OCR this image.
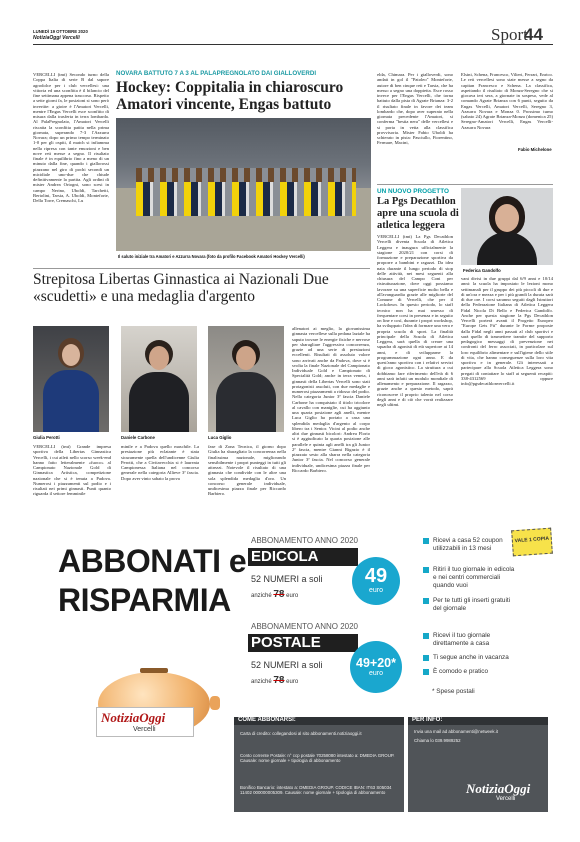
LUNEDÌ 19 OTTOBRE 2020
NotiziaOggi Vercelli	Sport
44
VERCELLI (tmt) Secondo turno della Coppa Italia di serie B dal sapore agrodolce per i club vercellesi: una vittoria ed una sconfitta è il bilancio del fine settimana appena trascorso. Rispetto a sette giorni fa, le posizioni si sono però invertite: a gioire è l'Amatori Vercelli, mentre l'Engas Vercelli esce sconfitto di misura dalla trasferta in terra lombarda. Al PalaPregnolato, l'Amatori Vercelli riscatta la sconfitta patita nella prima giornata, superando 7-3 l'Azzurra Novara; dopo un primo tempo terminato 1-0 per gli ospiti, il match si infiamma nella ripresa con tante emozioni e ben nove reti messe a segno. Il risultato finale è in equilibrio fino a meno di un minuto dalla fine, quando i giallorossi piazzano nel giro di pochi secondi un micidiale uno-due che chiude definitivamente la partita. Agli ordini di mister Andrea Ortogni, sono scesi in campo Nerino, Uboldi, Tarchetti, Bertolini, Tarsia, A. Uboldi, Monteforte, Della Torre, Cremaschi, Lu
NOVARA BATTUTO 7 A 3 AL PALAPREGNOLATO DAI GIALLOVERDI
Hockey: Coppitalia in chiaroscuro Amatori vincente, Engas battuto
Il saluto iniziale tra Amatori e Azzurra Novara (foto da profilo Facebook Amatori Hockey Vercelli)
elda, Chimara. Per i gialloverdi, sono andati in gol il "Patoleo" Monteforte, autore di ben cinque reti e Tarsia, che ha messo a segno una doppietta. Esce rosso invece per l'Engas Vercelli, che torna battuto dalla pista di Agrate Brianza: 3-2 il risultato finale in favore dei team lombardo che, dopo aver superato nella giornata precedente l'Amatori, si conferma "bestia nera" delle vercellesi e si porta in vetta alla classifica provvisoria. Mister Fabio Uboldi ha schierato in pista: Pasciullo, Fiorentino, Fermare, Macini,
Elsini, Schena, Francesco, Vilieri, Ferrari, Enrico. Le reti vercellesi sono state messe a segno da capitan Francesco e Schena. La classifica, aspettando il risultato di Monza-Seregno che si giocava ieri sera, a giornate in sospeso, vede al comando Agrate Brianza con 6 punti, seguito da Engas Vercelli, Amatori Vercelli, Seregno 3, Azzurra Novara e Monza 0. Prossimo turno (sabato 24) Agrate Brianza-Monza (domenica 25) Seregno-Amatori Vercelli, Engas Vercelli-Azzurra Novara
Fabio Michelone
UN NUOVO PROGETTO
La Pgs Decathlon apre una scuola di atletica leggera
Federica Gandolfo
VERCELLI (tmt) La Pgs Decathlon Vercelli diventa Scuola di Atletica Leggera e inaugura ufficialmente la stagione 2020/21 con corsi di formazione e preparazione sportiva da proporre a bambini e ragazzi. Da idea nata durante il lungo periodo di stop delle attività, nei mesi seguenti alla chiusura del Campo Coni per ristrutturazione, dove oggi possiamo lavorare su una superficie molto bella e all'avanguardia grazie alle migliorie del Comune di Vercelli, che per il Lockdown. In questo periodo, lo staff tecnico non ha mai smesso di frequentare corsi in presenza e in seguito on line e così, durante i propri workshop, ha sviluppato l'idea di formare una vera e propria scuola di sport. La finalità principale della Scuola di Atletica Leggera, sarà quella di creare una squadra di agonisti di età superiore ai 14 anni, e di svilupparne la programmazione ogni anno. E da quest'anno sportiva con i relativi servizi di gioco agonistico. La struttura a cui dobbiamo fare riferimento dell'età di 6 anni sarà infatti un modulo mondiale di allenamento e preparazione. Il ragazzo, grazie anche a questo metodo, saprà riconoscere il proprio talento nel corso degli anni e di ciò che vorrà realizzare negli ultimi.
vani divisi in due gruppi dal 6/9 anni e 10/14 anni: la scuola ha impostato le lezioni mono settimanali per il gruppo dei più piccoli di due e di un'ora e mezza e per i più grandi la durata sarà di due ore. I corsi saranno seguiti dagli Istruttori della Federazione Italiana di Atletica Leggera Fidal Nicola Di Bello e Federica Gandolfo. Anche per questa stagione la Pgs Decathlon Vercelli porterà avanti il Progetto Europeo "Europe Gets Fit" durante le Forme proposte dalla Fidal negli anni passati al club sportivi e sarà quello di trasmettere tramite del supporto pedagogico messaggi di prevenzione nei confronti del ferro associati, in particolare sul loro equilibrio alimentare e sull'igiene dello stile di vita, che hanno conseguenze sulla loro vita sportiva e in generale. Gli interessati a partecipare alla Scuola Atletica Leggera sono pregati di contattare lo staff ai seguenti recapiti: 338-4312569 oppure info@pgsdecathlonvercelli.it
Strepitosa Libertas Ginnastica ai Nazionali Due «scudetti» e una medaglia d'argento
Giulia Perotti	Daniele Carbone	Luca Giglio
allenatori ai meglio, la giovanissima ginnasta vercellese sulla pedana laziale ha saputo trovare le energie fisiche e nervose per sbaragliare l'aggressiva concorrenza, grazie ad una serie di prestazioni eccellenti. Risultati di assoluto valore sono arrivati anche da Padova, dove si è svolta la finale Nazionale del Campionato Individuale Gold e Campionato di Specialità Gold; anche in terra veneta, i ginnasti della Libertas Vercelli sono stati protagonisti assoluti, con due medaglie e numerosi piazzamenti a ridosso del podio. Nella categoria Junior 3ª fascia Daniele Carbone ha conquistato il titolo tricolore al cavallo con maniglie, cui ha aggiunto una quarta posizione agli anelli, mentre Luca Giglio ha portato a casa una splendida medaglia d'argento al corpo libero tra i Senior. Vicini al podio anche altri due ginnasti bicolori: Andrea Florio si è aggiudicato la quarta posizione alle parallele e quinta agli anelli tra gli Junior 2ª fascia, mentre Gianni Rigazio è il piazzato sesto alla sbarra nella categoria Junior 3ª fascia. Nel concorso generale individuale, undicesima piazza finale per Riccardo Barbiero.
VERCELLI (tmt) Grande impresa sportiva della Libertas Ginnastica Vercelli, i cui atleti nello scorso week-end hanno fatto letteralmente «fuoco» al Campionato Nazionale Gold di Ginnastica Artistica, competizione nazionale che si è tenuta a Padova. Numerosi i piazzamenti sul podio e i risultati nei primi ginnasti. Punti quanto riguarda il settore femminile
minile e a Padova quello maschile. La prestazione più eclatante è stata sicuramente quella dell'undicenne Giulia Perotti, che a Civitavecchia si è laureata Campionessa Italiana nel concorso generale nella categoria Allieve 3ª fascia. Dopo aver vinto sabato la prova
fase di Zona Tecnica, il giorno dopo Giulia ha sbaragliato la concorrenza nella finalissima nazionale, migliorando sensibilmente i propri punteggi in tutti gli attrezzi. Notevole il risultato di una ginnasta che condivide con le altre una sola splendida medaglia d'oro. Un concorso generale individuale, undicesima piazza finale per Riccardo Barbiero.
ABBONATI e
RISPARMIA
NotiziaOggi
Vercelli
ABBONAMENTO ANNO 2020
EDICOLA
52 NUMERI a soli
anziché 78 euro
49
euro
Ricevi a casa 52 coupon utilizzabili in 13 mesi
Ritiri il tuo giornale in edicola e nei centri commerciali quando vuoi
Per te tutti gli inserti gratuiti del giornale
VALE 1 COPIA
ABBONAMENTO ANNO 2020
POSTALE
52 NUMERI a soli
anziché 78 euro
49+20*
euro
Ricevi il tuo giornale direttamente a casa
Ti segue anche in vacanza
È comodo e pratico
* Spese postali
COME ABBONARSI:
Carta di credito: collegandosi al sito abbonamenti.notiziaoggi.it
Conto corrente Postale: n° ccp postale 70258080 intestato a: DMEDIA GROUP. Causale: nome giornale + tipologia di abbonamento
Bonifico Bancario: intestato a: DMEDIA GROUP. CODICE IBAN: IT63 S05034 11402 000000005309. Causale: nome giornale + tipologia di abbonamento
PER INFO:
Invia una mail ad abbonamenti@netweek.it
Chiama lo 039.9989252
NotiziaOggi
Vercelli
